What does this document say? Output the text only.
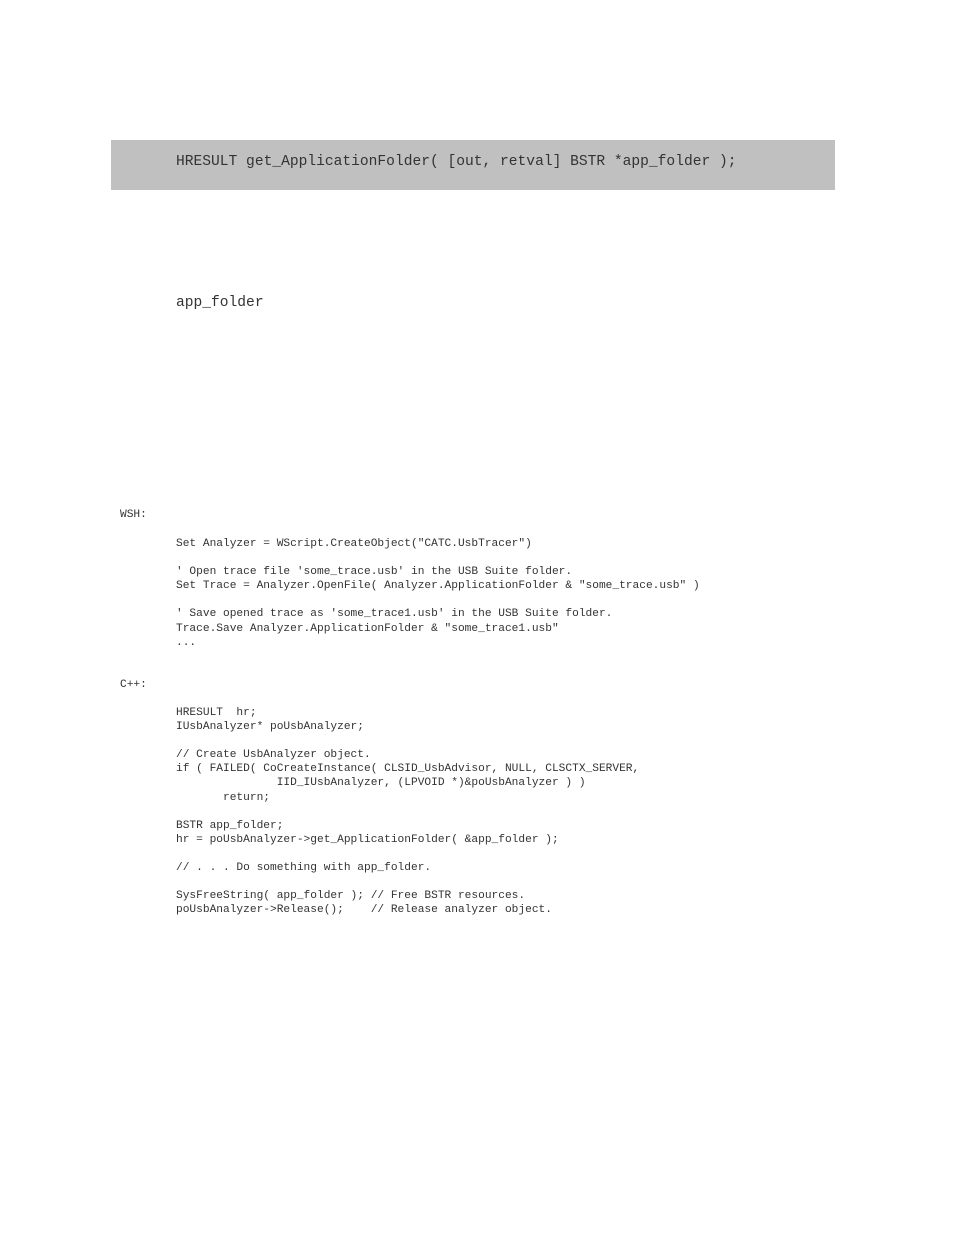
HRESULT get_ApplicationFolder( [out, retval] BSTR *app_folder );
app_folder
WSH:
Set Analyzer = WScript.CreateObject("CATC.UsbTracer")
' Open trace file 'some_trace.usb' in the USB Suite folder.
Set Trace = Analyzer.OpenFile( Analyzer.ApplicationFolder & "some_trace.usb" )
' Save opened trace as 'some_trace1.usb' in the USB Suite folder.
Trace.Save Analyzer.ApplicationFolder & "some_trace1.usb"
...
C++:
HRESULT  hr;
IUsbAnalyzer* poUsbAnalyzer;
// Create UsbAnalyzer object.
if ( FAILED( CoCreateInstance( CLSID_UsbAdvisor, NULL, CLSCTX_SERVER,
IID_IUsbAnalyzer, (LPVOID *)&poUsbAnalyzer ) )
return;
BSTR app_folder;
hr = poUsbAnalyzer->get_ApplicationFolder( &app_folder );
// . . . Do something with app_folder.
SysFreeString( app_folder ); // Free BSTR resources.
poUsbAnalyzer->Release();    // Release analyzer object.
